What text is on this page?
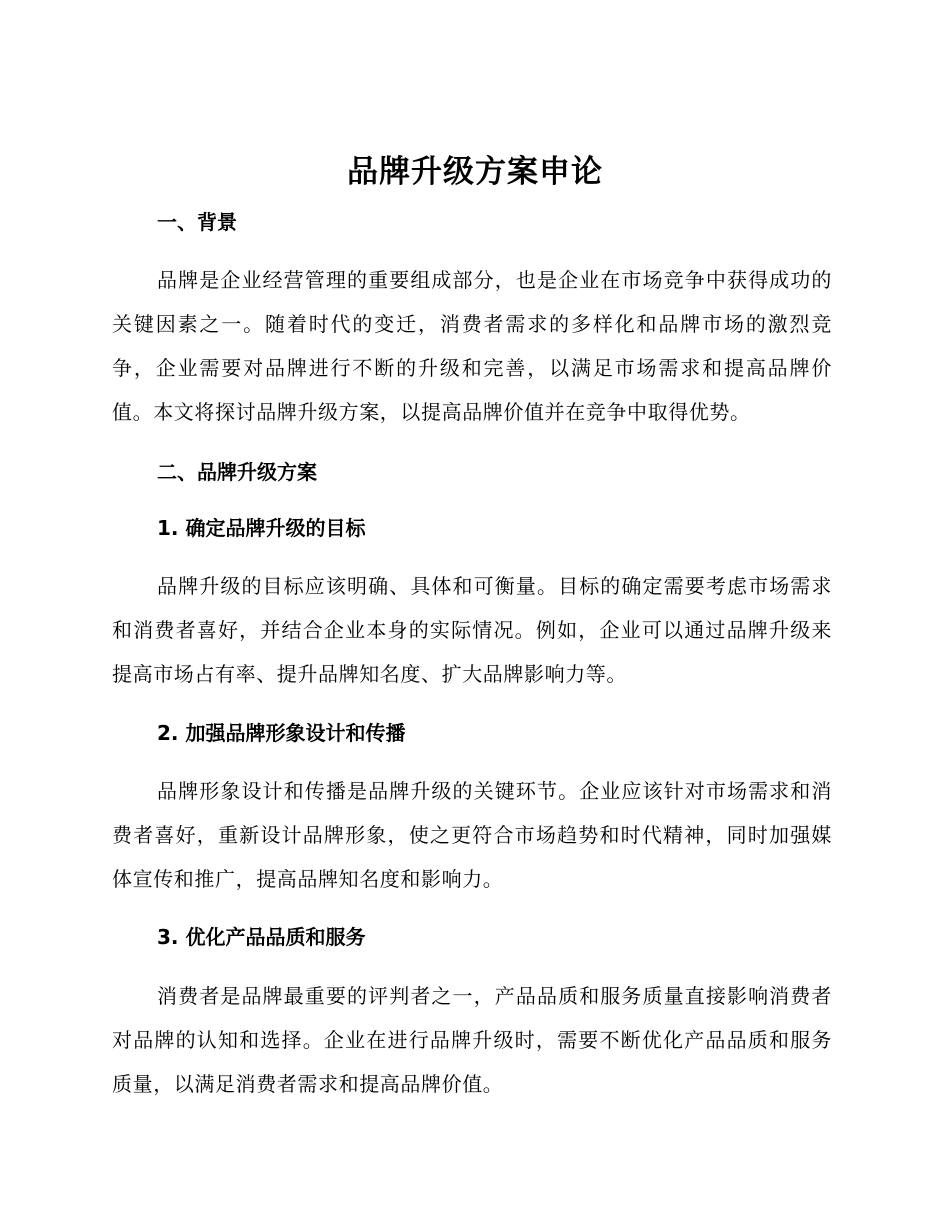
品牌升级方案申论
一、背景

品牌是企业经营管理的重要组成部分，也是企业在市场竞争中获得成功的关键因素之一。随着时代的变迁，消费者需求的多样化和品牌市场的激烈竞争，企业需要对品牌进行不断的升级和完善，以满足市场需求和提高品牌价值。本文将探讨品牌升级方案，以提高品牌价值并在竞争中取得优势。

二、品牌升级方案
1. 确定品牌升级的目标

品牌升级的目标应该明确、具体和可衡量。目标的确定需要考虑市场需求和消费者喜好，并结合企业本身的实际情况。例如，企业可以通过品牌升级来提高市场占有率、提升品牌知名度、扩大品牌影响力等。

2. 加强品牌形象设计和传播

品牌形象设计和传播是品牌升级的关键环节。企业应该针对市场需求和消费者喜好，重新设计品牌形象，使之更符合市场趋势和时代精神，同时加强媒体宣传和推广，提高品牌知名度和影响力。

3. 优化产品品质和服务

消费者是品牌最重要的评判者之一，产品品质和服务质量直接影响消费者对品牌的认知和选择。企业在进行品牌升级时，需要不断优化产品品质和服务质量，以满足消费者需求和提高品牌价值。
